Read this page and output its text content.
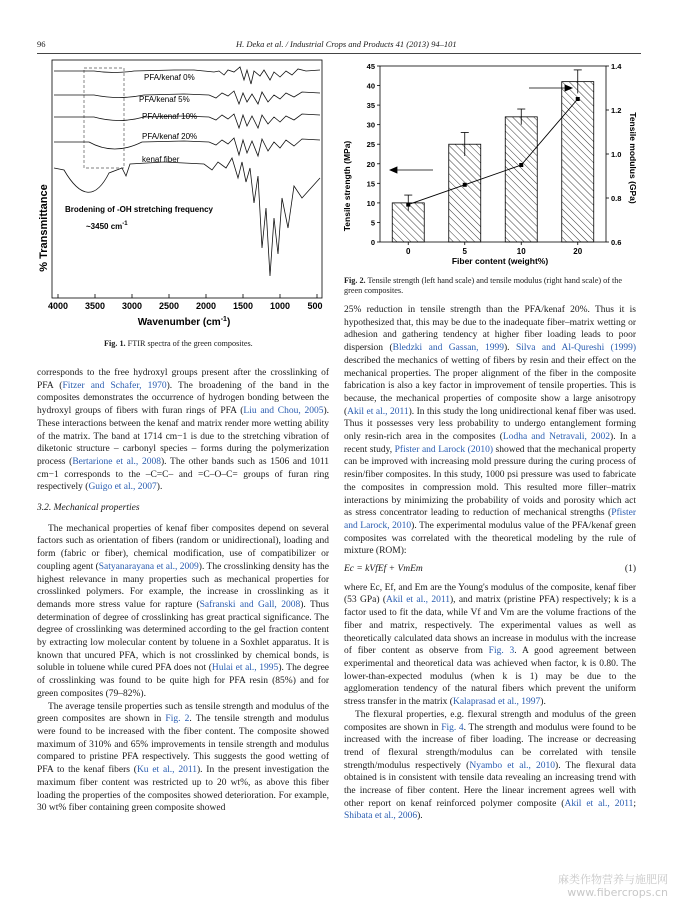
96	H. Deka et al. / Industrial Crops and Products 41 (2013) 94–101
% Transmittance
PFA/kenaf 0%
PFA/kenaf 5%
PFA/kenaf 10%
PFA/kenaf 20%
kenaf fiber
Brodening of -OH stretching frequency
~3450 $cm^{-1}$
4000 3500 3000 2500 2000 1500 1000 500
Wavenumber $(cm^{-1})$
Fig. 1. FTIR spectra of the green composites.
Tensile strength (MPa)	Tensile modulus (GPa)
Fiber content (weight%)
0	5	10	20
0
5
10
15
20
25
30
35
40
45
0.6
0.8
1.0
1.2
1.4
Fig. 2. Tensile strength (left hand scale) and tensile modulus (right hand scale) of the green composites.

corresponds to the free hydroxyl groups present after the crosslinking of PFA (Fitzer and Schafer, 1970). The broadening of the band in the composites demonstrates the occurrence of hydrogen bonding between the hydroxyl groups of fibers with furan rings of PFA (Liu and Chou, 2005). These interactions between the kenaf and matrix render more wetting ability of the matrix. The band at 1714 cm−1 is due to the stretching vibration of diketonic structure – carbonyl species – forms during the polymerization process (Bertarione et al., 2008). The other bands such as 1506 and 1011 cm−1 corresponds to the –C=C– and =C–O–C= groups of furan ring respectively (Guigo et al., 2007).

3.2. Mechanical properties

The mechanical properties of kenaf fiber composites depend on several factors such as orientation of fibers (random or unidirectional), loading and form (fabric or fiber), chemical modification, use of compatibilizer or coupling agent (Satyanarayana et al., 2009). The crosslinking density has the highest relevance in many properties such as mechanical properties for crosslinked polymers. For example, the increase in crosslinking as it demands more stress value for rapture (Safranski and Gall, 2008). Thus determination of degree of crosslinking has great practical significance. The degree of crosslinking was determined according to the gel fraction content by extracting low molecular content by toluene in a Soxhlet apparatus. It is known that uncured PFA, which is not crosslinked by chemical bonds, is soluble in toluene while cured PFA does not (Hulai et al., 1995). The degree of crosslinking was found to be quite high for PFA resin (85%) and for green composites (79–82%).

The average tensile properties such as tensile strength and modulus of the green composites are shown in Fig. 2. The tensile strength and modulus were found to be increased with the fiber content. The composite showed maximum of 310% and 65% improvements in tensile strength and modulus compared to pristine PFA respectively. This suggests the good wetting of PFA to the kenaf fibers (Ku et al., 2011). In the present investigation the maximum fiber content was restricted up to 20 wt%, as above this fiber loading the properties of the composites showed deterioration. For example, 30 wt% fiber containing green composite showed

25% reduction in tensile strength than the PFA/kenaf 20%. Thus it is hypothesized that, this may be due to the inadequate fiber–matrix wetting or adhesion and gathering tendency at higher fiber loading leads to poor dispersion (Bledzki and Gassan, 1999). Silva and Al-Qureshi (1999) described the mechanics of wetting of fibers by resin and their effect on the mechanical properties. The proper alignment of the fiber in the composite fabrication is also a key factor in improvement of tensile properties. This is because, the mechanical properties of composite show a large anisotropy (Akil et al., 2011). In this study the long unidirectional kenaf fiber was used. Thus it possesses very less probability to undergo entanglement forming only resin-rich area in the composites (Lodha and Netravali, 2002). In a recent study, Pfister and Larock (2010) showed that the mechanical property can be improved with increasing mold pressure during the curing process of resin/fiber composites. In this study, 1000 psi pressure was used to fabricate the composites in compression mold. This resulted more filler–matrix interactions by minimizing the probability of voids and porosity which act as stress concentrator leading to reduction of mechanical strengths (Pfister and Larock, 2010). The experimental modulus value of the PFA/kenaf green composites was correlated with the theoretical modeling by the rule of mixture (ROM):

Ec = kVfEf + VmEm	(1)

where Ec, Ef, and Em are the Young's modulus of the composite, kenaf fiber (53 GPa) (Akil et al., 2011), and matrix (pristine PFA) respectively; k is a factor used to fit the data, while Vf and Vm are the volume fractions of the fiber and matrix, respectively. The experimental values as well as theoretically calculated data shows an increase in modulus with the increase of fiber content as observe from Fig. 3. A good agreement between experimental and theoretical data was achieved when factor, k is 0.80. The lower-than-expected modulus (when k is 1) may be due to the agglomeration tendency of the natural fibers which prevent the uniform stress transfer in the matrix (Kalaprasad et al., 1997).

The flexural properties, e.g. flexural strength and modulus of the green composites are shown in Fig. 4. The strength and modulus were found to be increased with the increase of fiber loading. The increase or decreasing trend of flexural strength/modulus can be correlated with tensile strength/modulus respectively (Nyambo et al., 2010). The flexural data obtained is in consistent with tensile data revealing an increasing trend with the increase of fiber content. Here the linear increment agrees well with other report on kenaf reinforced polymer composite (Akil et al., 2011; Shibata et al., 2006).

麻类作物营养与施肥网
www.fibercrops.cn
